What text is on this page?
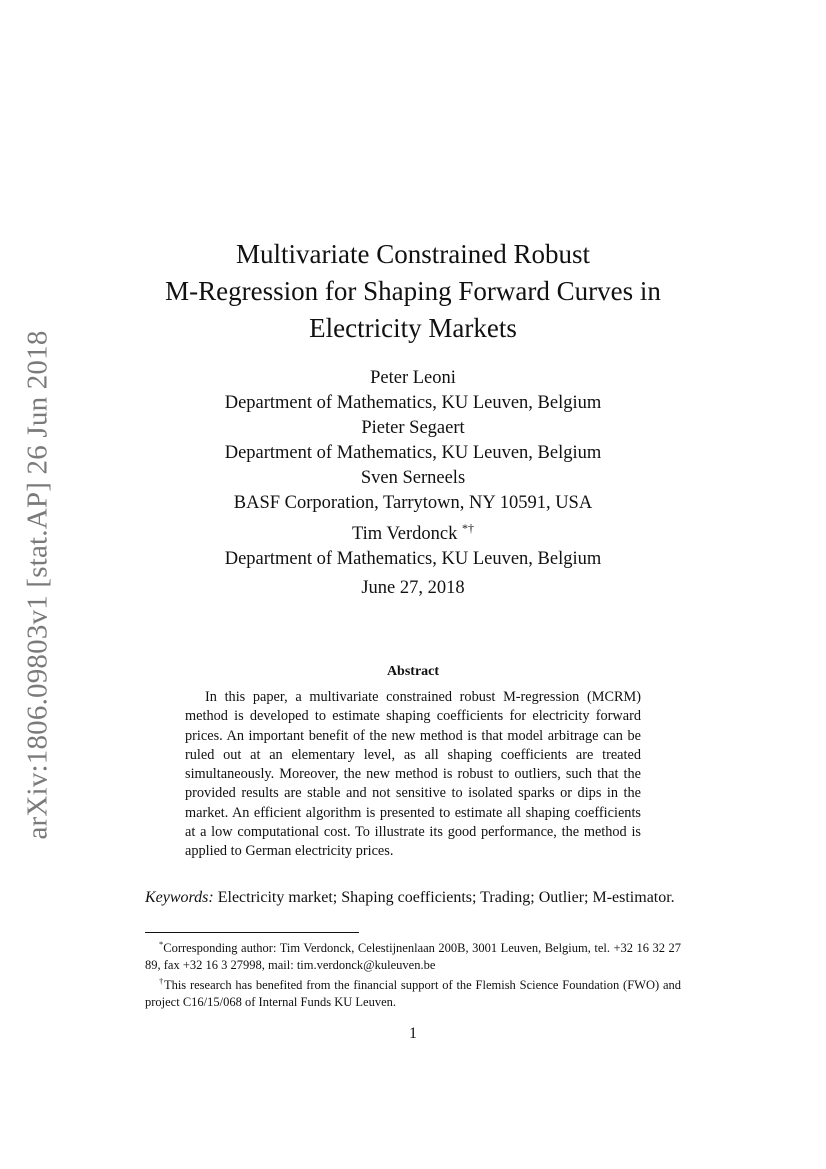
arXiv:1806.09803v1 [stat.AP] 26 Jun 2018
Multivariate Constrained Robust
M-Regression for Shaping Forward Curves in
Electricity Markets
Peter Leoni
Department of Mathematics, KU Leuven, Belgium
Pieter Segaert
Department of Mathematics, KU Leuven, Belgium
Sven Serneels
BASF Corporation, Tarrytown, NY 10591, USA
Tim Verdonck *†
Department of Mathematics, KU Leuven, Belgium
June 27, 2018
Abstract

In this paper, a multivariate constrained robust M-regression (MCRM) method is developed to estimate shaping coefficients for electricity forward prices. An important benefit of the new method is that model arbitrage can be ruled out at an elementary level, as all shaping coefficients are treated simultaneously. Moreover, the new method is robust to outliers, such that the provided results are stable and not sensitive to isolated sparks or dips in the market. An efficient algorithm is presented to estimate all shaping coefficients at a low computational cost. To illustrate its good performance, the method is applied to German electricity prices.

Keywords: Electricity market; Shaping coefficients; Trading; Outlier; M-estimator.

*Corresponding author: Tim Verdonck, Celestijnenlaan 200B, 3001 Leuven, Belgium, tel. +32 16 32 27 89, fax +32 16 3 27998, mail: tim.verdonck@kuleuven.be

†This research has benefited from the financial support of the Flemish Science Foundation (FWO) and project C16/15/068 of Internal Funds KU Leuven.

1
